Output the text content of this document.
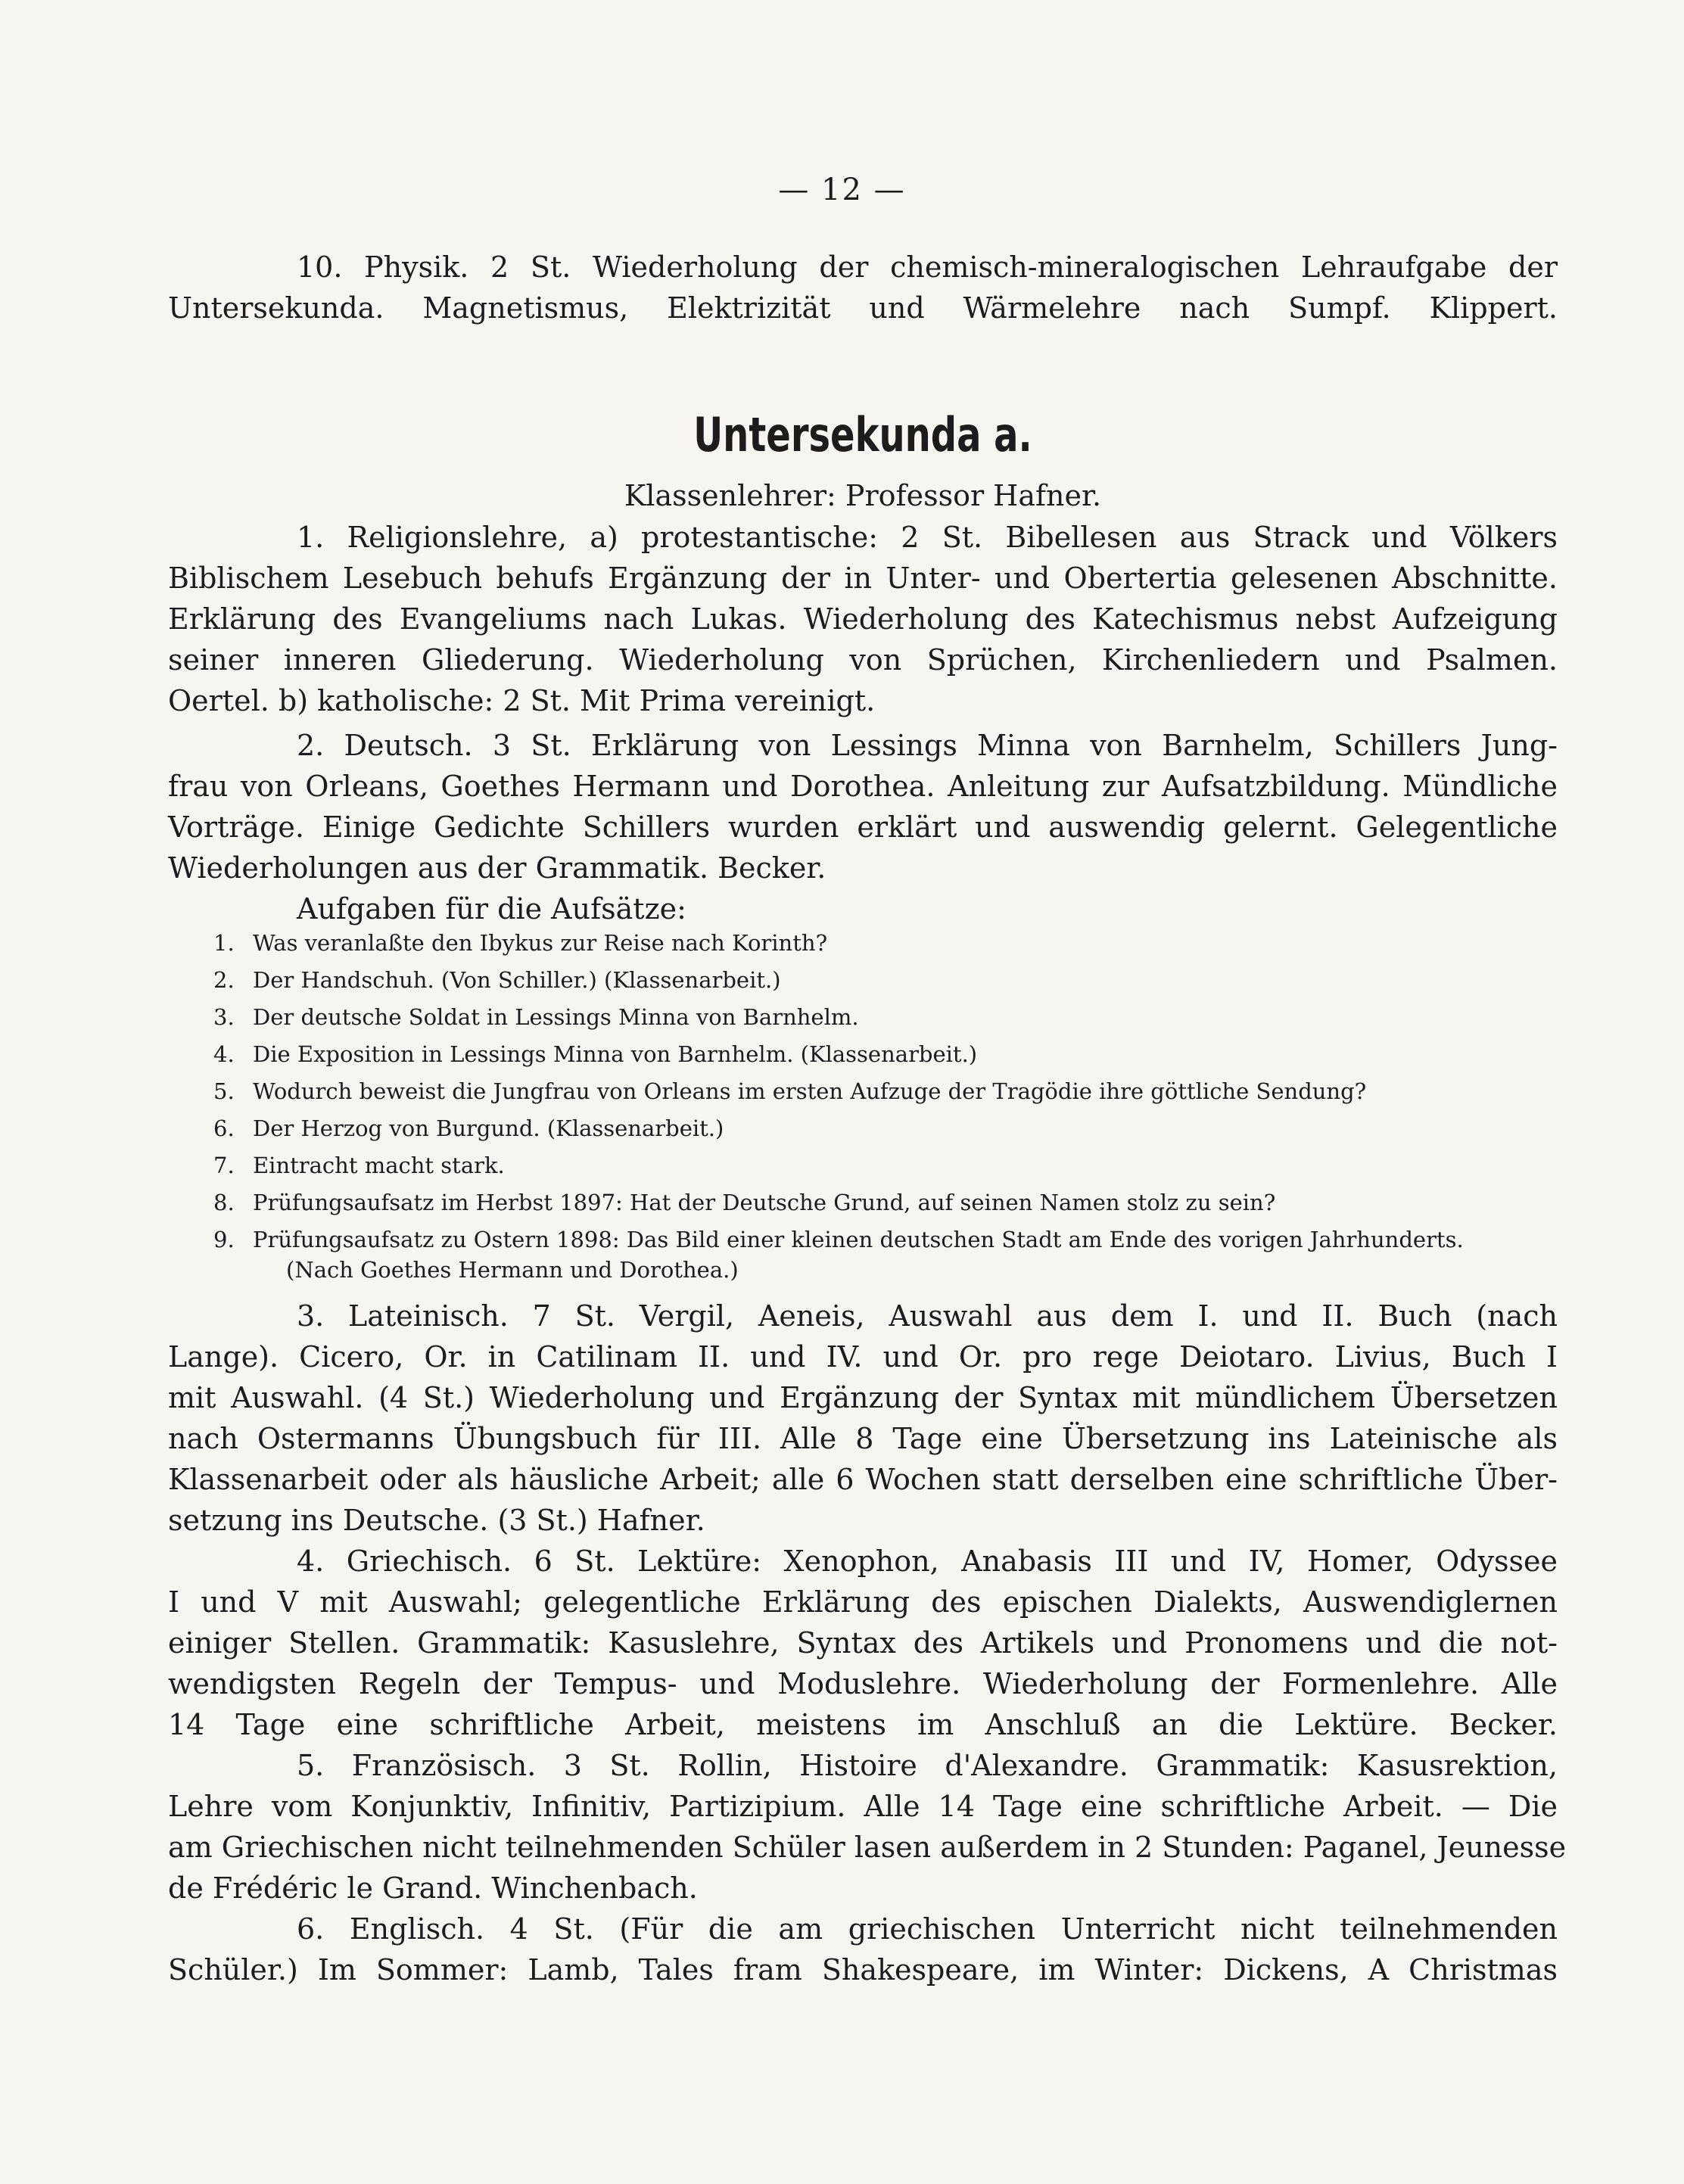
— 12 —
10. Physik. 2 St. Wiederholung der chemisch-mineralogischen Lehraufgabe der
Untersekunda. Magnetismus, Elektrizität und Wärmelehre nach Sumpf. Klippert.
Untersekunda a.
Klassenlehrer: Professor Hafner.
1. Religionslehre, a) protestantische: 2 St. Bibellesen aus Strack und Völkers
Biblischem Lesebuch behufs Ergänzung der in Unter- und Obertertia gelesenen Abschnitte.
Erklärung des Evangeliums nach Lukas. Wiederholung des Katechismus nebst Aufzeigung
seiner inneren Gliederung. Wiederholung von Sprüchen, Kirchenliedern und Psalmen.
Oertel. b) katholische: 2 St. Mit Prima vereinigt.
2. Deutsch. 3 St. Erklärung von Lessings Minna von Barnhelm, Schillers Jung-
frau von Orleans, Goethes Hermann und Dorothea. Anleitung zur Aufsatzbildung. Mündliche
Vorträge. Einige Gedichte Schillers wurden erklärt und auswendig gelernt. Gelegentliche
Wiederholungen aus der Grammatik. Becker.
Aufgaben für die Aufsätze:
1. Was veranlaßte den Ibykus zur Reise nach Korinth?
2. Der Handschuh. (Von Schiller.) (Klassenarbeit.)
3. Der deutsche Soldat in Lessings Minna von Barnhelm.
4. Die Exposition in Lessings Minna von Barnhelm. (Klassenarbeit.)
5. Wodurch beweist die Jungfrau von Orleans im ersten Aufzuge der Tragödie ihre göttliche Sendung?
6. Der Herzog von Burgund. (Klassenarbeit.)
7. Eintracht macht stark.
8. Prüfungsaufsatz im Herbst 1897: Hat der Deutsche Grund, auf seinen Namen stolz zu sein?
9. Prüfungsaufsatz zu Ostern 1898: Das Bild einer kleinen deutschen Stadt am Ende des vorigen Jahrhunderts.
(Nach Goethes Hermann und Dorothea.)
3. Lateinisch. 7 St. Vergil, Aeneis, Auswahl aus dem I. und II. Buch (nach
Lange). Cicero, Or. in Catilinam II. und IV. und Or. pro rege Deiotaro. Livius, Buch I
mit Auswahl. (4 St.) Wiederholung und Ergänzung der Syntax mit mündlichem Übersetzen
nach Ostermanns Übungsbuch für III. Alle 8 Tage eine Übersetzung ins Lateinische als
Klassenarbeit oder als häusliche Arbeit; alle 6 Wochen statt derselben eine schriftliche Über-
setzung ins Deutsche. (3 St.) Hafner.
4. Griechisch. 6 St. Lektüre: Xenophon, Anabasis III und IV, Homer, Odyssee
I und V mit Auswahl; gelegentliche Erklärung des epischen Dialekts, Auswendiglernen
einiger Stellen. Grammatik: Kasuslehre, Syntax des Artikels und Pronomens und die not-
wendigsten Regeln der Tempus- und Moduslehre. Wiederholung der Formenlehre. Alle
14 Tage eine schriftliche Arbeit, meistens im Anschluß an die Lektüre. Becker.
5. Französisch. 3 St. Rollin, Histoire d'Alexandre. Grammatik: Kasusrektion,
Lehre vom Konjunktiv, Infinitiv, Partizipium. Alle 14 Tage eine schriftliche Arbeit. — Die
am Griechischen nicht teilnehmenden Schüler lasen außerdem in 2 Stunden: Paganel, Jeunesse
de Frédéric le Grand. Winchenbach.
6. Englisch. 4 St. (Für die am griechischen Unterricht nicht teilnehmenden
Schüler.) Im Sommer: Lamb, Tales fram Shakespeare, im Winter: Dickens, A Christmas
